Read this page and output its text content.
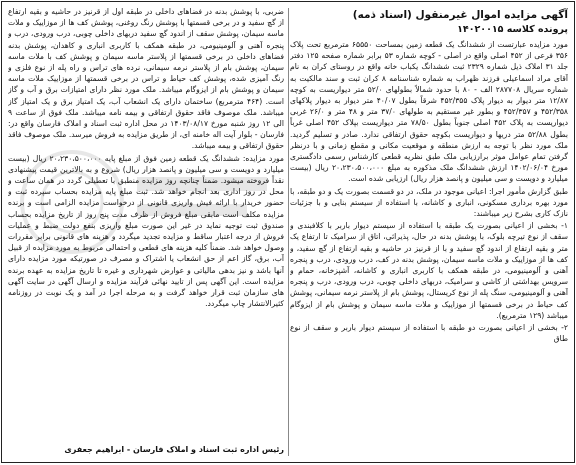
آگهی مزایده اموال غیرمنقول (اسناد ذمه)
پرونده کلاسه ۱۴۰۲۰۰۱۵

مورد مزایده عبارتست از ششدانگ یک قطعه زمین بمساحت ۶۵۵۵۰ مترمربع تحت پلاک ۳۵۶ فرعی از ۴۵۲ اصلی واقع در اصلی - کوچه شماره ۵۳ برابر شماره صفحه ۱۲۵ دفتر جلد ۳۱ املاک ذیل شماره ۲۳۲۹ ثبت ششدانگ یکباب خانه واقع در روستای کران به نام آقای مراد اسماعیلی فرزند ظهراب به شماره شناسنامه ۸ کران ثبت و سند مالکیت به شماره سریال ۲۸۷۷۰۸ الف - ۸۰ با حدود شمالاً بطولهای ۵۲/۰ متر دیواریست به کوچه ۱۲/۸۷ متر دیوار به دیوار پلاک ۴۵۲/۳۵۵ شرقاً بطول ۴۰/۰۷ متر دیوار به دیوار پلاکهای ۴۵۲/۳۵۸ و ۴۵۲/۳۵۷ و بطور غیر مستقیم به طولهای ۳۷/۰ متر و ۴۸ متر و ۲۶/۰ غربی دیواریست به پلاک ۴۵۲ اصلی جنوباً بطول ۷۸/۵۰ متر دیواریست بپلاک ۴۵۲ اصلی غرباً بطول ۵۲/۸۸ متر دریها و دیواریست بکوچه حقوق ارتفاقی ندارد. صادر و تسلیم گردید. ملک مورد نظر با توجه به ارزش منطقه و موقعیت مکانی و مقطع زمانی و با درنظر گرفتن تمام عوامل موثر برارزیابی ملک طبق نظریه قطعی کارشناس رسمی دادگستری مورخ ۱۴۰۲/۰۶/۰۴ ارزش ششدانگ ملک مذکوره به مبلغ ۲۰،۲۳۰،۵۰۰،۰۰۰ ریال (بیست میلیارد و دویست و سی میلیون و پانصد هزار ریال) ارزیابی شده است.

طبق گزارش مأمور اجرا: اعیانی موجود در ملک، در دو قسمت بصورت یک و دو طبقه، با مورد بهره برداری مسکونی، انباری و کاشانه، با استفاده از سیستم بنایی و با جزئیات نازک کاری بشرح زیر میباشند:

۱- بخشی از اعیانی بصورت یک طبقه با استفاده از سیستم دیوار باربر با کلافبندی و سقف از نوع تیرچه بلوک، با پوشش بدنه در حال، پذیرائی، اتاق از سرامیک تا ارتفاع یک متر و بقیه ارتفاع از اندود گچ سفید و با از قرنیز در حاشیه و بقیه ارتفاع از گچ سفید، و کف ها از موزاییک و ملات ماسه سیمان، پوشش بدنه در کف، درب ورودی، درب و پنجره آهنی و آلومینیومی، در طبقه همکف با کاربری انباری و کاشانه، آشپزخانه، حمام و سرویس بهداشتی از کاشی و سرامیک، دربهای داخلی چوبی، درب ورودی، درب و پنجره آهنی و آلومینیومی، سنگ پله از نوع کریستال، پوشش بام از پلاستر نرمه سیمانی، پوشش کف حیاط در برخی قسمتها از موزاییک و ملات ماسه سیمان و پوشش بام از ایزوگام میباشد (۱۲۹ مترمربع).

۲- بخشی از اعیانی بصورت دو طبقه با استفاده از سیستم دیوار باربر و سقف از نوع طاق

ضربی، با پوشش بدنه در فضاهای داخلی در طبقه اول از قرنیز در حاشیه و بقیه ارتفاع از گچ سفید و در برخی قسمتها با پوشش رنگ روغنی، پوشش کف ها از موزاییک و ملات ماسه سیمان، پوشش سقف از اندود گچ سفید دربهای داخلی چوبی، درب ورودی، درب و پنجره آهنی و آلومینیومی، در طبقه همکف با کاربری انباری و کاهدان، پوشش بدنه فضاهای داخلی در برخی قسمتها از پلاستر ماسه سیمان و پوشش کف با ملات ماسه سیمان، پوشش بام از پلاستر نرمه سیمانی، نرده های تراس و راه پله از نوع فلزی و رنگ آمیزی شده، پوشش کف حیاط و تراس در برخی قسمتها از موزاییک ملات ماسه سیمان و پوشش بام از ایزوگام میباشد. ملک مورد نظر دارای امتیازات برق و آب و گاز است. (۴۶۴ مترمربع) ساختمان دارای یک انشعاب آب، یک امتیاز برق و یک امتیاز گاز میباشد. ملک موصوف فاقد حقوق ارتفاقی و بیمه نامه میباشد. ملک فوق از ساعت ۹ الی ۱۲ روز شنبه مورخ ۱۴۰۳/۰۸/۱۷ در محل اداره ثبت اسناد و املاک فارسان واقع در: فارسان - بلوار آیت اله خامنه ای، از طریق مزایده به فروش میرسد. ملک موصوف فاقد حقوق ارتفاقی و بیمه میباشد.

مورد مزایده: ششدانگ یک قطعه زمین فوق از مبلغ پایه ۲۰،۲۳۰،۵۰۰،۰۰۰ ریال (بیست میلیارد و دویست و سی میلیون و پانصد هزار ریال) شروع و به بالاترین قیمت پیشنهادی نقداً فروخته میشود. ضمناً چنانچه روز مزایده منطبق با تعطیلی گردد در همان ساعت و محل در روز اداری بعد انجام خواهد شد. ثبت مبلغ پایه مزایده بحساب سپرده ثبت و حضور خریدار با ارائه فیش واریزی قانونی از درخواست مزایده الزامی است و برنده مزایده مکلف است مابقی مبلغ فروش از ظرف مدت پنج روز از تاریخ مزایده بحساب صندوق ثبت توجیه نماید در غیر این صورت مبلغ واریزی بنفع دولت ضبط و عملیات فروش از درجه اعتبار ساقط و مزایده تجدید میگردد و هزینه های قانونی برابر مقررات وصول خواهد شد. ضمناً کلیه هزینه های قطعی و احتمالی مربوط به مورد مزایده از قبیل آب، برق، گاز اعم از حق انشعاب یا اشتراک و مصرف در صورتیکه مورد مزایده دارای آنها باشد و نیز بدهی مالیاتی و عوارض شهرداری و غیره تا تاریخ مزایده به عهده برنده مزایده است. این آگهی پس از تایید نهائی فرآیند مزایده و ارسال آگهی در سایت آگهی های سازمان ثبت قرار خواهد گرفت و به مرحله اجرا در آمد و یک نوبت در روزنامه کثیرالانتشار چاپ میگردد.

رئیس اداره ثبت اسناد و املاک فارسان - ابراهیم جعفری
